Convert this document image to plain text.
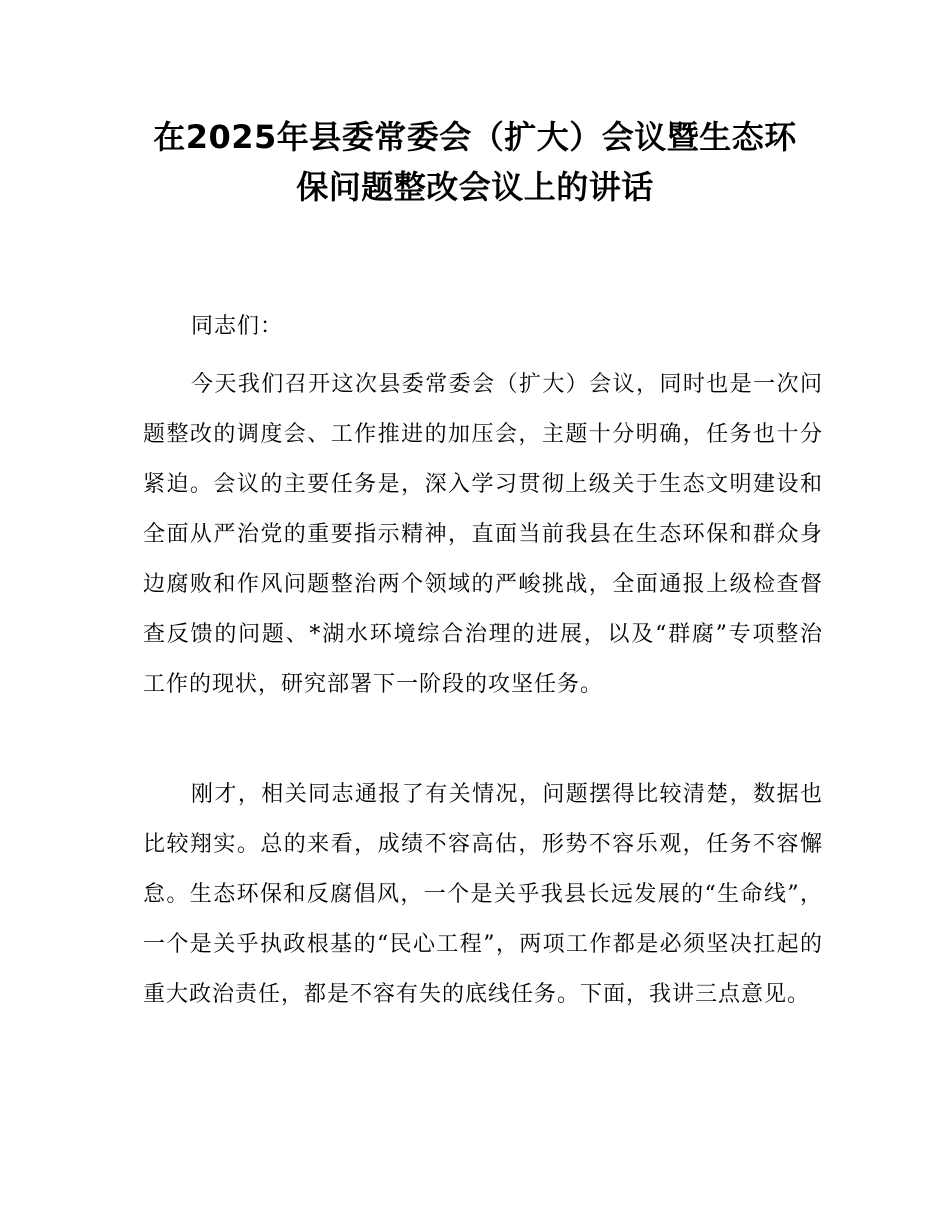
在2025年县委常委会（扩大）会议暨生态环
保问题整改会议上的讲话

同志们：

今天我们召开这次县委常委会（扩大）会议，同时也是一次问题整改的调度会、工作推进的加压会，主题十分明确，任务也十分紧迫。会议的主要任务是，深入学习贯彻上级关于生态文明建设和全面从严治党的重要指示精神，直面当前我县在生态环保和群众身边腐败和作风问题整治两个领域的严峻挑战，全面通报上级检查督查反馈的问题、*湖水环境综合治理的进展，以及“群腐”专项整治工作的现状，研究部署下一阶段的攻坚任务。

刚才，相关同志通报了有关情况，问题摆得比较清楚，数据也比较翔实。总的来看，成绩不容高估，形势不容乐观，任务不容懈怠。生态环保和反腐倡风，一个是关乎我县长远发展的“生命线”，一个是关乎执政根基的“民心工程”，两项工作都是必须坚决扛起的重大政治责任，都是不容有失的底线任务。下面，我讲三点意见。
